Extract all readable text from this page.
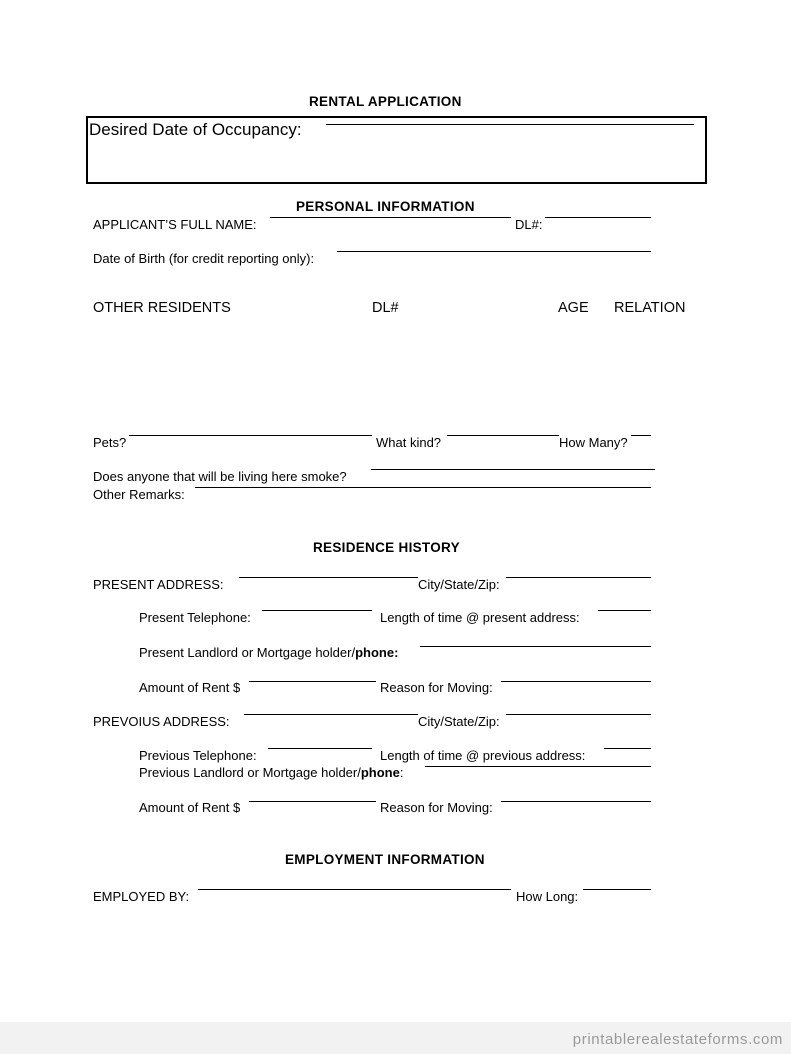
RENTAL APPLICATION
Desired Date of Occupancy:
PERSONAL INFORMATION
APPLICANT’S FULL NAME:	DL#:
Date of Birth (for credit reporting only):
OTHER RESIDENTS	DL#	AGE RELATION
Pets?	What kind?	How Many?
Does anyone that will be living here smoke?
Other Remarks:
RESIDENCE HISTORY
PRESENT ADDRESS:	City/State/Zip:
Present Telephone:	Length of time @ present address:
Present Landlord or Mortgage holder/phone:
Amount of Rent $	Reason for Moving:
PREVOIUS ADDRESS:	City/State/Zip:
Previous Telephone:	Length of time @ previous address:
Previous Landlord or Mortgage holder/phone:
Amount of Rent $	Reason for Moving:
EMPLOYMENT INFORMATION
EMPLOYED BY:	How Long:
printablerealestateforms.com
